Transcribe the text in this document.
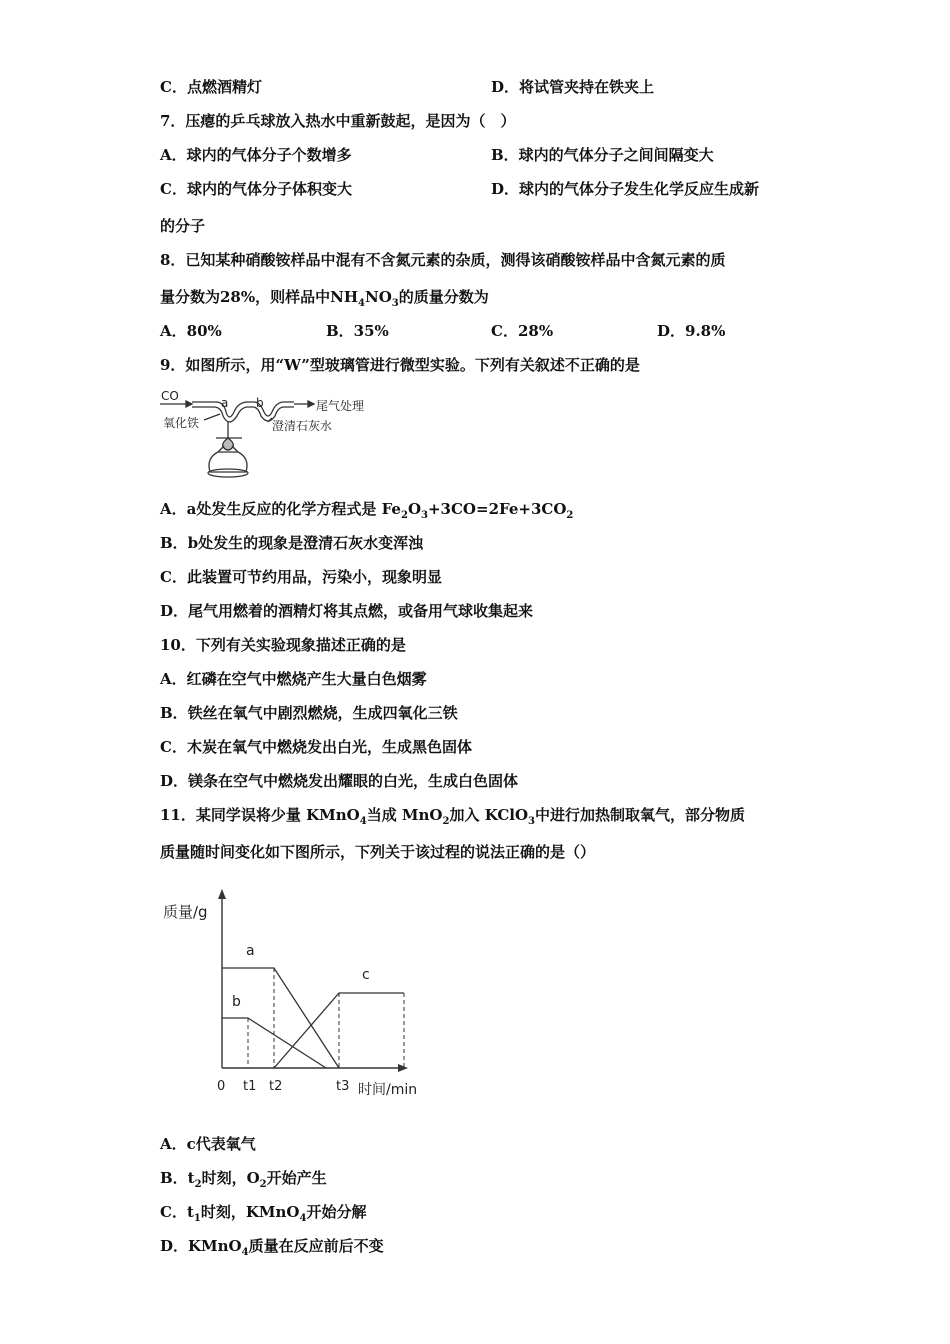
C．点燃酒精灯	D．将试管夹持在铁夹上
7．压瘪的乒乓球放入热水中重新鼓起，是因为（　）
A．球内的气体分子个数增多	B．球内的气体分子之间间隔变大
C．球内的气体分子体积变大	D．球内的气体分子发生化学反应生成新
的分子
8．已知某种硝酸铵样品中混有不含氮元素的杂质，测得该硝酸铵样品中含氮元素的质
量分数为28%，则样品中$NH_4NO_3$的质量分数为
A．80%	B．35%	C．28%	D．9.8%
9．如图所示，用“W”型玻璃管进行微型实验。下列有关叙述不正确的是
CO
氧化铁
a b	尾气处理
澄清石灰水
A．a处发生反应的化学方程式是 $Fe_2O_3+3CO=2Fe+3CO_2$
B．b处发生的现象是澄清石灰水变浑浊
C．此装置可节约用品，污染小，现象明显
D．尾气用燃着的酒精灯将其点燃，或备用气球收集起来
10．下列有关实验现象描述正确的是
A．红磷在空气中燃烧产生大量白色烟雾
B．铁丝在氧气中剧烈燃烧，生成四氧化三铁
C．木炭在氧气中燃烧发出白光，生成黑色固体
D．镁条在空气中燃烧发出耀眼的白光，生成白色固体
11．某同学误将少量 KMnO$_4$当成 MnO$_2$加入 KClO$_3$中进行加热制取氧气，部分物质
质量随时间变化如下图所示，下列关于该过程的说法正确的是（）
质量/g
时间/min
0 t1 t2	t3
a
b
c
A．c代表氧气
B．$t_2$时刻，$O_2$开始产生
C．$t_1$时刻，KMnO$_4$开始分解
D．KMnO$_4$质量在反应前后不变
